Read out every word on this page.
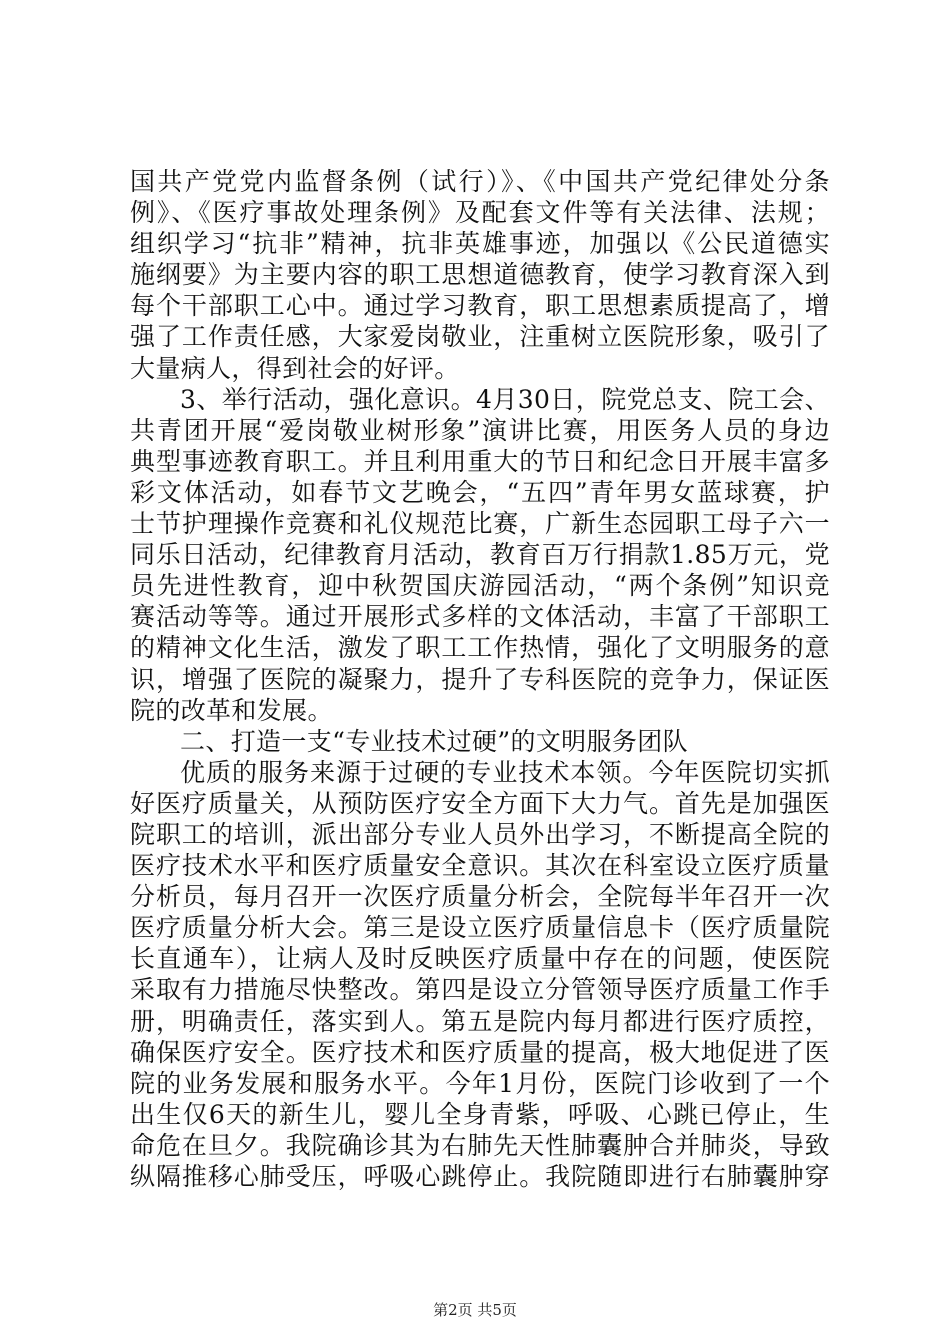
国共产党党内监督条例（试行）》、《中国共产党纪律处分条
例》、《医疗事故处理条例》及配套文件等有关法律、法规；
组织学习“抗非”精神，抗非英雄事迹，加强以《公民道德实
施纲要》为主要内容的职工思想道德教育，使学习教育深入到
每个干部职工心中。通过学习教育，职工思想素质提高了，增
强了工作责任感，大家爱岗敬业，注重树立医院形象，吸引了
大量病人，得到社会的好评。
3、举行活动，强化意识。4月30日，院党总支、院工会、
共青团开展“爱岗敬业树形象”演讲比赛，用医务人员的身边
典型事迹教育职工。并且利用重大的节日和纪念日开展丰富多
彩文体活动，如春节文艺晚会，“五四”青年男女蓝球赛，护
士节护理操作竞赛和礼仪规范比赛，广新生态园职工母子六一
同乐日活动，纪律教育月活动，教育百万行捐款1.85万元，党
员先进性教育，迎中秋贺国庆游园活动，“两个条例”知识竞
赛活动等等。通过开展形式多样的文体活动，丰富了干部职工
的精神文化生活，激发了职工工作热情，强化了文明服务的意
识，增强了医院的凝聚力，提升了专科医院的竞争力，保证医
院的改革和发展。
二、打造一支“专业技术过硬”的文明服务团队
优质的服务来源于过硬的专业技术本领。今年医院切实抓
好医疗质量关，从预防医疗安全方面下大力气。首先是加强医
院职工的培训，派出部分专业人员外出学习，不断提高全院的
医疗技术水平和医疗质量安全意识。其次在科室设立医疗质量
分析员，每月召开一次医疗质量分析会，全院每半年召开一次
医疗质量分析大会。第三是设立医疗质量信息卡（医疗质量院
长直通车），让病人及时反映医疗质量中存在的问题，使医院
采取有力措施尽快整改。第四是设立分管领导医疗质量工作手
册，明确责任，落实到人。第五是院内每月都进行医疗质控，
确保医疗安全。医疗技术和医疗质量的提高，极大地促进了医
院的业务发展和服务水平。今年1月份，医院门诊收到了一个
出生仅6天的新生儿，婴儿全身青紫，呼吸、心跳已停止，生
命危在旦夕。我院确诊其为右肺先天性肺囊肿合并肺炎，导致
纵隔推移心肺受压，呼吸心跳停止。我院随即进行右肺囊肿穿
第2页 共5页
